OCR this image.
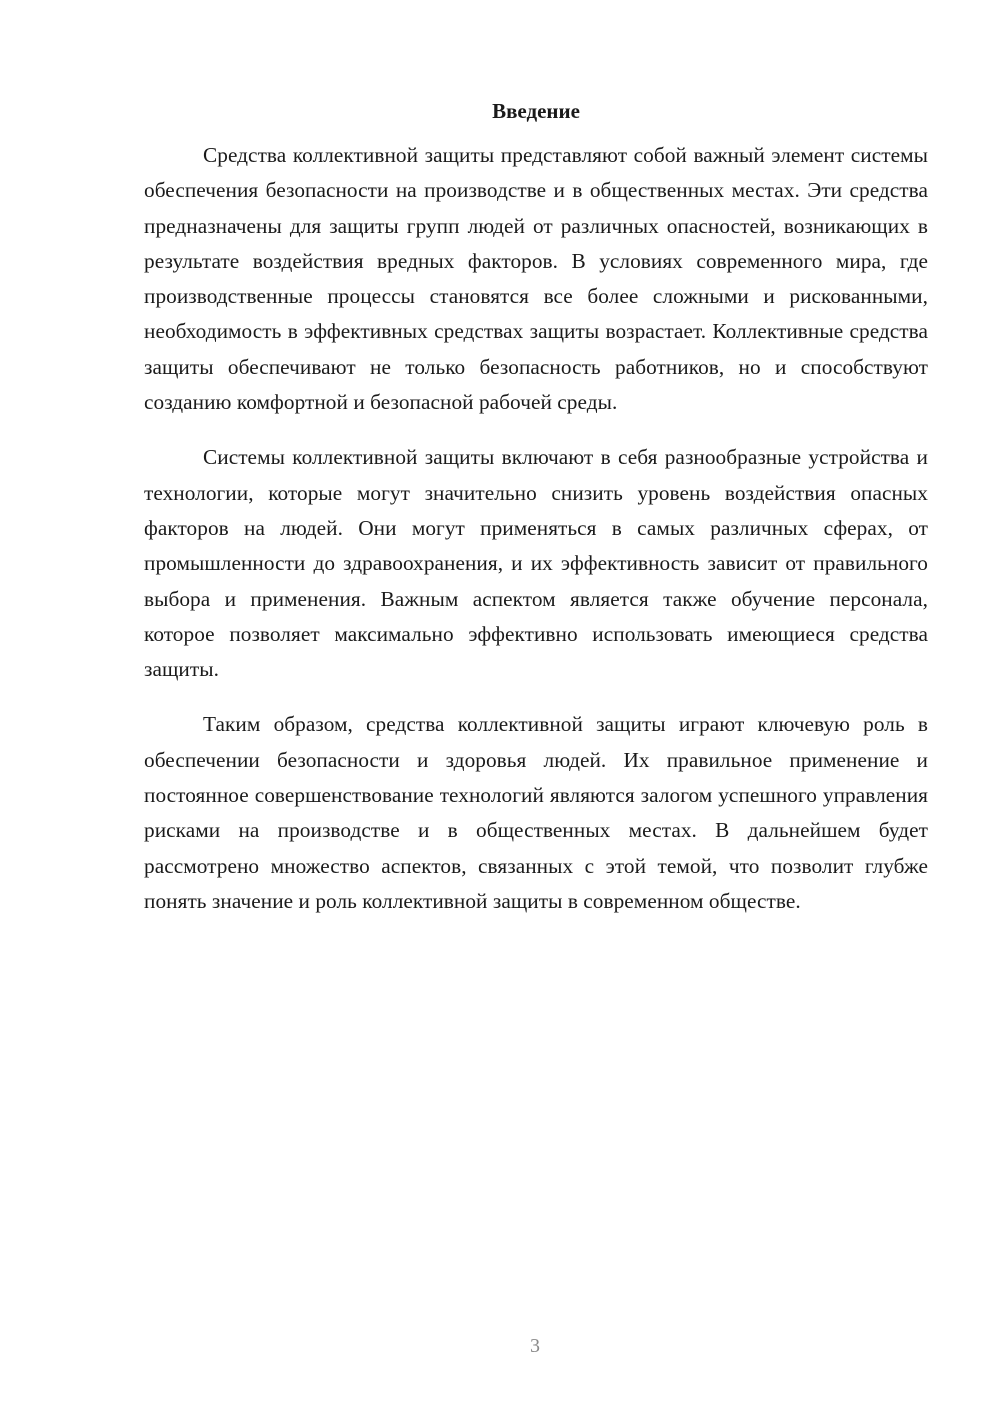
Введение

Средства коллективной защиты представляют собой важный элемент системы обеспечения безопасности на производстве и в общественных местах. Эти средства предназначены для защиты групп людей от различных опасностей, возникающих в результате воздействия вредных факторов. В условиях современного мира, где производственные процессы становятся все более сложными и рискованными, необходимость в эффективных средствах защиты возрастает. Коллективные средства защиты обеспечивают не только безопасность работников, но и способствуют созданию комфортной и безопасной рабочей среды.

Системы коллективной защиты включают в себя разнообразные устройства и технологии, которые могут значительно снизить уровень воздействия опасных факторов на людей. Они могут применяться в самых различных сферах, от промышленности до здравоохранения, и их эффективность зависит от правильного выбора и применения. Важным аспектом является также обучение персонала, которое позволяет максимально эффективно использовать имеющиеся средства защиты.

Таким образом, средства коллективной защиты играют ключевую роль в обеспечении безопасности и здоровья людей. Их правильное применение и постоянное совершенствование технологий являются залогом успешного управления рисками на производстве и в общественных местах. В дальнейшем будет рассмотрено множество аспектов, связанных с этой темой, что позволит глубже понять значение и роль коллективной защиты в современном обществе.

3
